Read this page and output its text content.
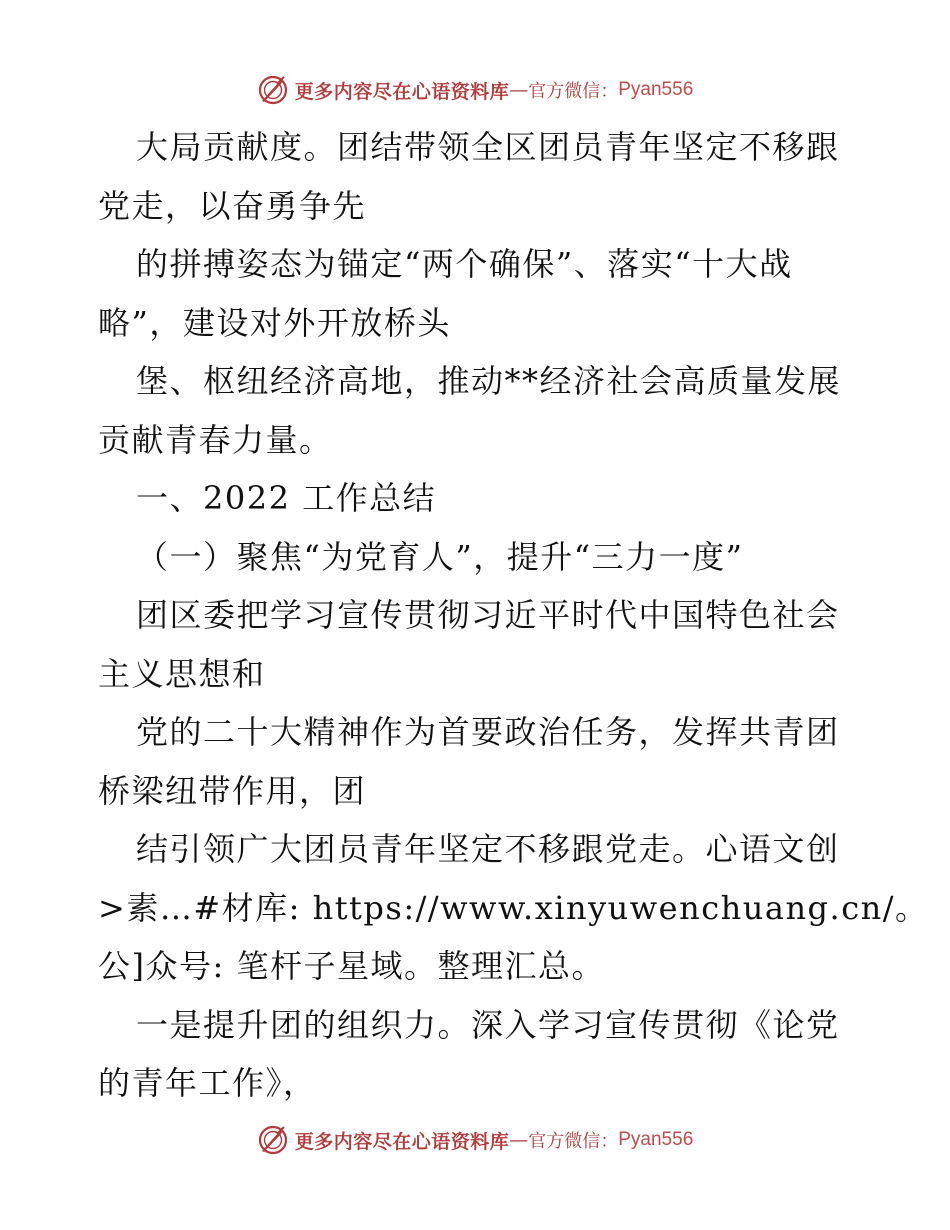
更多内容尽在心语资料库 — 官方微信： Pyan556
大局贡献度。团结带领全区团员青年坚定不移跟
党走，以奋勇争先
的拼搏姿态为锚定“两个确保”、落实“十大战
略”，建设对外开放桥头
堡、枢纽经济高地，推动**经济社会高质量发展
贡献青春力量。
一、2022 工作总结
（一）聚焦“为党育人”，提升“三力一度”
团区委把学习宣传贯彻习近平时代中国特色社会
主义思想和
党的二十大精神作为首要政治任务，发挥共青团
桥梁纽带作用，团
结引领广大团员青年坚定不移跟党走。心语文创
>素…#材库: https://www.xinyuwenchuang.cn/。
公]众号: 笔杆子星域。整理汇总。
一是提升团的组织力。深入学习宣传贯彻《论党
的青年工作》，
更多内容尽在心语资料库 — 官方微信： Pyan556
